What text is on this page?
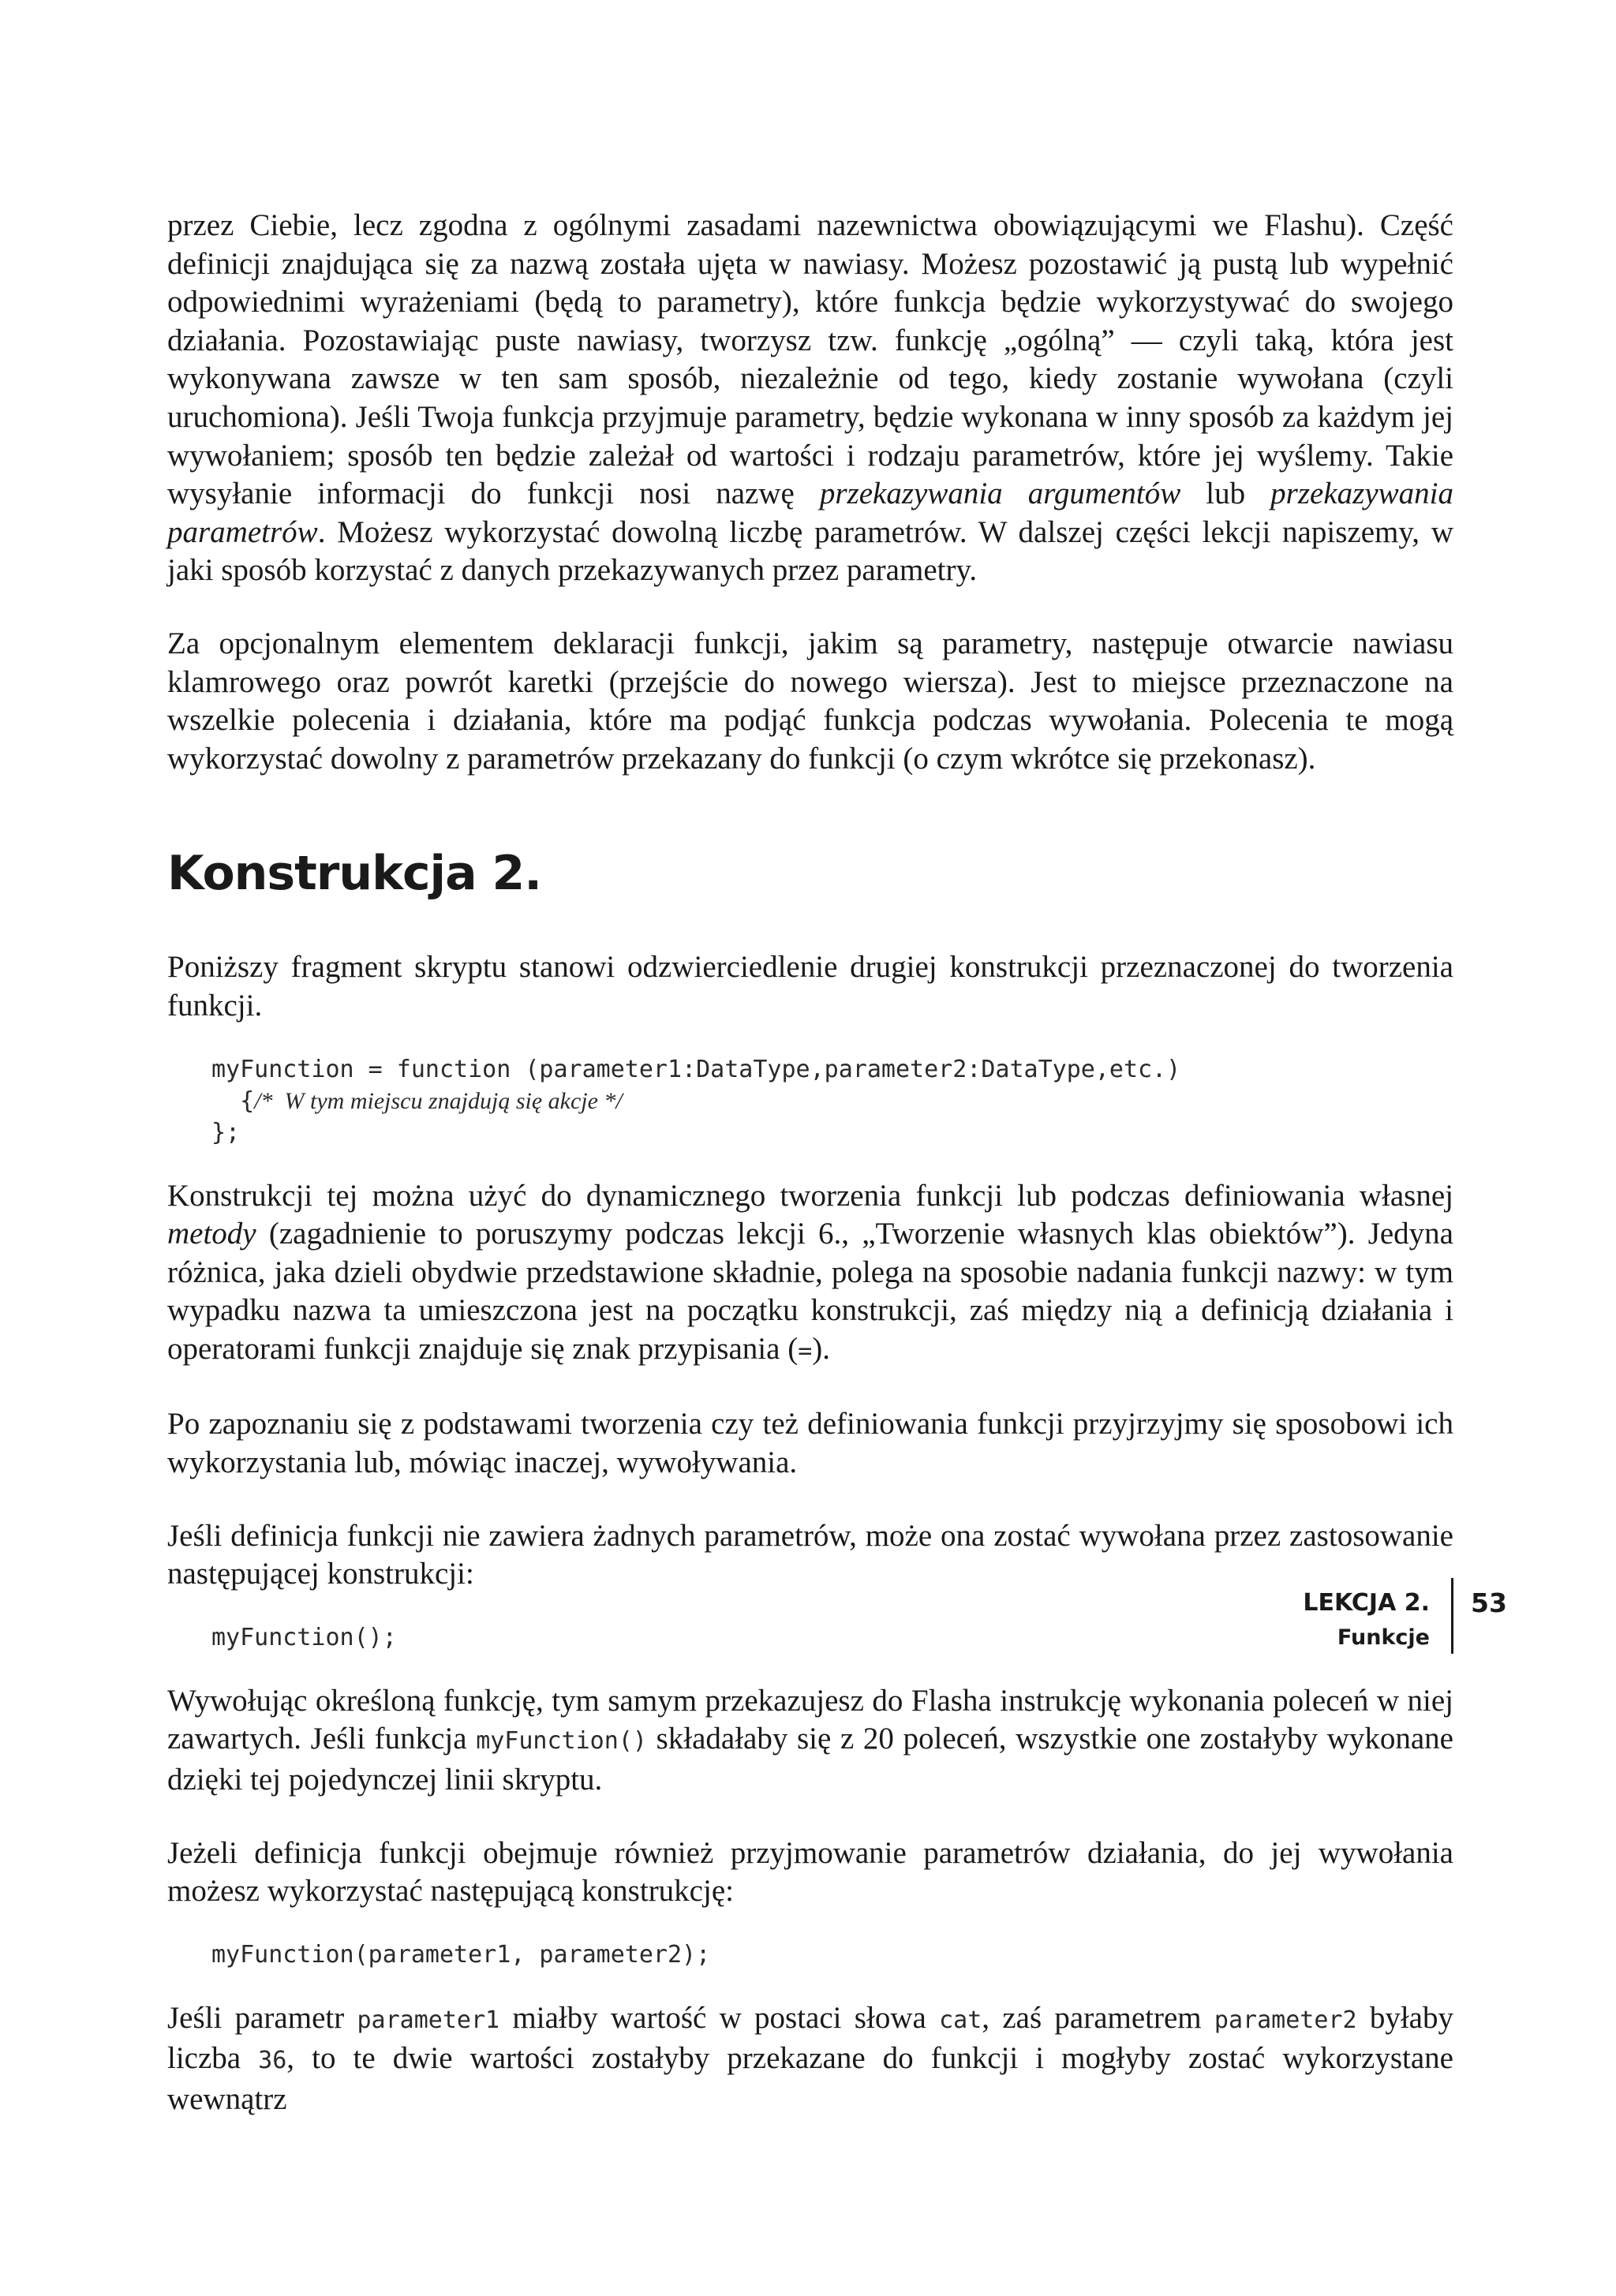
przez Ciebie, lecz zgodna z ogólnymi zasadami nazewnictwa obowiązującymi we Flashu). Część definicji znajdująca się za nazwą została ujęta w nawiasy. Możesz pozostawić ją pustą lub wypełnić odpowiednimi wyrażeniami (będą to parametry), które funkcja będzie wykorzystywać do swojego działania. Pozostawiając puste nawiasy, tworzysz tzw. funkcję „ogólną” — czyli taką, która jest wykonywana zawsze w ten sam sposób, niezależnie od tego, kiedy zostanie wywołana (czyli uruchomiona). Jeśli Twoja funkcja przyjmuje parametry, będzie wykonana w inny sposób za każdym jej wywołaniem; sposób ten będzie zależał od wartości i rodzaju parametrów, które jej wyślemy. Takie wysyłanie informacji do funkcji nosi nazwę przekazywania argumentów lub przekazywania parametrów. Możesz wykorzystać dowolną liczbę parametrów. W dalszej części lekcji napiszemy, w jaki sposób korzystać z danych przekazywanych przez parametry.

Za opcjonalnym elementem deklaracji funkcji, jakim są parametry, następuje otwarcie nawiasu klamrowego oraz powrót karetki (przejście do nowego wiersza). Jest to miejsce przeznaczone na wszelkie polecenia i działania, które ma podjąć funkcja podczas wywołania. Polecenia te mogą wykorzystać dowolny z parametrów przekazany do funkcji (o czym wkrótce się przekonasz).

Konstrukcja 2.

Poniższy fragment skryptu stanowi odzwierciedlenie drugiej konstrukcji przeznaczonej do tworzenia funkcji.

myFunction = function (parameter1:DataType,parameter2:DataType,etc.)
{/*  W tym miejscu znajdują się akcje */
};

Konstrukcji tej można użyć do dynamicznego tworzenia funkcji lub podczas definiowania własnej metody (zagadnienie to poruszymy podczas lekcji 6., „Tworzenie własnych klas obiektów”). Jedyna różnica, jaka dzieli obydwie przedstawione składnie, polega na sposobie nadania funkcji nazwy: w tym wypadku nazwa ta umieszczona jest na początku konstrukcji, zaś między nią a definicją działania i operatorami funkcji znajduje się znak przypisania (=).

Po zapoznaniu się z podstawami tworzenia czy też definiowania funkcji przyjrzyjmy się sposobowi ich wykorzystania lub, mówiąc inaczej, wywoływania.

Jeśli definicja funkcji nie zawiera żadnych parametrów, może ona zostać wywołana przez zastosowanie następującej konstrukcji:

myFunction();

Wywołując określoną funkcję, tym samym przekazujesz do Flasha instrukcję wykonania poleceń w niej zawartych. Jeśli funkcja myFunction() składałaby się z 20 poleceń, wszystkie one zostałyby wykonane dzięki tej pojedynczej linii skryptu.

Jeżeli definicja funkcji obejmuje również przyjmowanie parametrów działania, do jej wywołania możesz wykorzystać następującą konstrukcję:

myFunction(parameter1, parameter2);

Jeśli parametr parameter1 miałby wartość w postaci słowa cat, zaś parametrem parameter2 byłaby liczba 36, to te dwie wartości zostałyby przekazane do funkcji i mogłyby zostać wykorzystane wewnątrz

LEKCJA 2.
Funkcje
53
